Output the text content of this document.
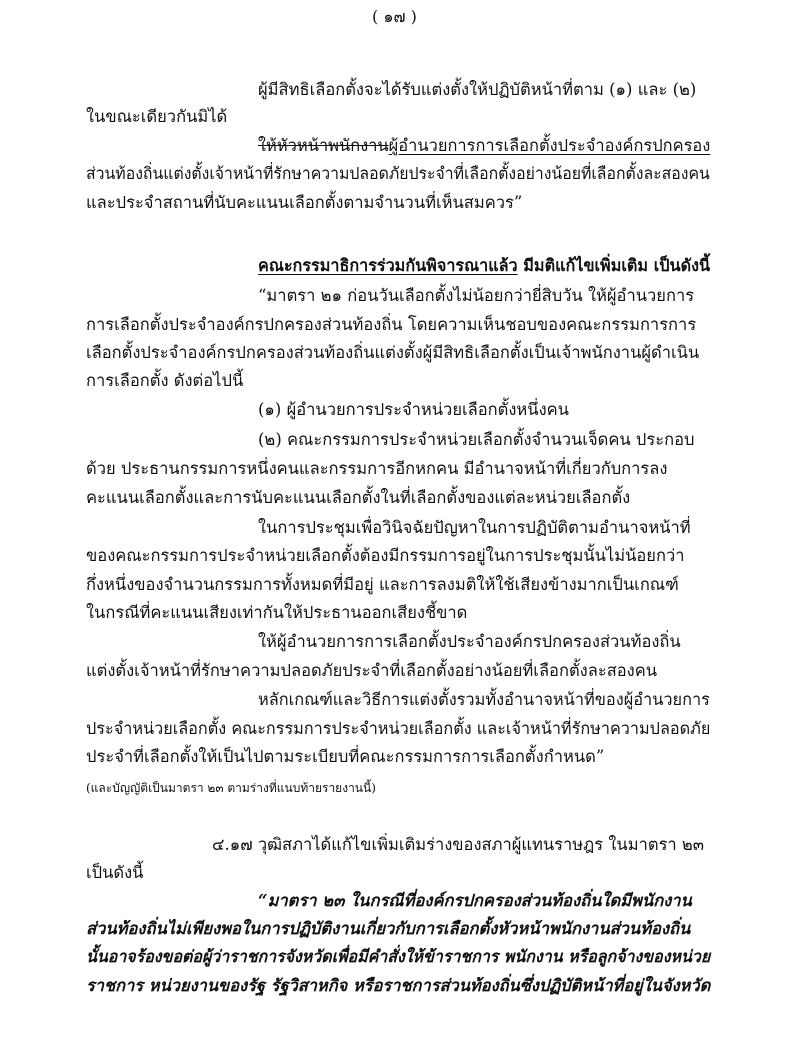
( ๑๗ )
ผู้มีสิทธิเลือกตั้งจะได้รับแต่งตั้งให้ปฏิบัติหน้าที่ตาม (๑) และ (๒)
ในขณะเดียวกันมิได้
ให้หัวหน้าพนักงานผู้อำนวยการการเลือกตั้งประจำองค์กรปกครอง
ส่วนท้องถิ่นแต่งตั้งเจ้าหน้าที่รักษาความปลอดภัยประจำที่เลือกตั้งอย่างน้อยที่เลือกตั้งละสองคน
และประจำสถานที่นับคะแนนเลือกตั้งตามจำนวนที่เห็นสมควร”
คณะกรรมาธิการร่วมกันพิจารณาแล้ว มีมติแก้ไขเพิ่มเติม เป็นดังนี้
“มาตรา ๒๑ ก่อนวันเลือกตั้งไม่น้อยกว่ายี่สิบวัน ให้ผู้อำนวยการ
การเลือกตั้งประจำองค์กรปกครองส่วนท้องถิ่น โดยความเห็นชอบของคณะกรรมการการ
เลือกตั้งประจำองค์กรปกครองส่วนท้องถิ่นแต่งตั้งผู้มีสิทธิเลือกตั้งเป็นเจ้าพนักงานผู้ดำเนิน
การเลือกตั้ง ดังต่อไปนี้
(๑) ผู้อำนวยการประจำหน่วยเลือกตั้งหนึ่งคน
(๒) คณะกรรมการประจำหน่วยเลือกตั้งจำนวนเจ็ดคน ประกอบ
ด้วย ประธานกรรมการหนึ่งคนและกรรมการอีกหกคน มีอำนาจหน้าที่เกี่ยวกับการลง
คะแนนเลือกตั้งและการนับคะแนนเลือกตั้งในที่เลือกตั้งของแต่ละหน่วยเลือกตั้ง
ในการประชุมเพื่อวินิจฉัยปัญหาในการปฏิบัติตามอำนาจหน้าที่
ของคณะกรรมการประจำหน่วยเลือกตั้งต้องมีกรรมการอยู่ในการประชุมนั้นไม่น้อยกว่า
กึ่งหนึ่งของจำนวนกรรมการทั้งหมดที่มีอยู่ และการลงมติให้ใช้เสียงข้างมากเป็นเกณฑ์
ในกรณีที่คะแนนเสียงเท่ากันให้ประธานออกเสียงชี้ขาด
ให้ผู้อำนวยการการเลือกตั้งประจำองค์กรปกครองส่วนท้องถิ่น
แต่งตั้งเจ้าหน้าที่รักษาความปลอดภัยประจำที่เลือกตั้งอย่างน้อยที่เลือกตั้งละสองคน
หลักเกณฑ์และวิธีการแต่งตั้งรวมทั้งอำนาจหน้าที่ของผู้อำนวยการ
ประจำหน่วยเลือกตั้ง คณะกรรมการประจำหน่วยเลือกตั้ง และเจ้าหน้าที่รักษาความปลอดภัย
ประจำที่เลือกตั้งให้เป็นไปตามระเบียบที่คณะกรรมการการเลือกตั้งกำหนด”
(และบัญญัติเป็นมาตรา ๒๓ ตามร่างที่แนบท้ายรายงานนี้)
๔.๑๗ วุฒิสภาได้แก้ไขเพิ่มเติมร่างของสภาผู้แทนราษฎร ในมาตรา ๒๓
เป็นดังนี้
“มาตรา ๒๓ ในกรณีที่องค์กรปกครองส่วนท้องถิ่นใดมีพนักงาน
ส่วนท้องถิ่นไม่เพียงพอในการปฏิบัติงานเกี่ยวกับการเลือกตั้งหัวหน้าพนักงานส่วนท้องถิ่น
นั้นอาจร้องขอต่อผู้ว่าราชการจังหวัดเพื่อมีคำสั่งให้ข้าราชการ พนักงาน หรือลูกจ้างของหน่วย
ราชการ หน่วยงานของรัฐ รัฐวิสาหกิจ หรือราชการส่วนท้องถิ่นซึ่งปฏิบัติหน้าที่อยู่ในจังหวัด
